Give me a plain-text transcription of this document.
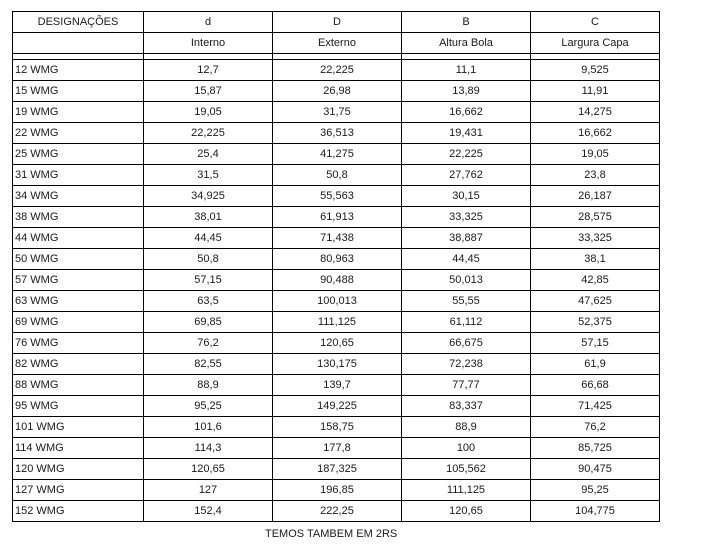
DESIGNAÇÕES	d	D	B	C
	Interno	Externo	Altura Bola	Largura Capa

12 WMG	12,7	22,225	11,1	9,525
15 WMG	15,87	26,98	13,89	11,91
19 WMG	19,05	31,75	16,662	14,275
22 WMG	22,225	36,513	19,431	16,662
25 WMG	25,4	41,275	22,225	19,05
31 WMG	31,5	50,8	27,762	23,8
34 WMG	34,925	55,563	30,15	26,187
38 WMG	38,01	61,913	33,325	28,575
44 WMG	44,45	71,438	38,887	33,325
50 WMG	50,8	80,963	44,45	38,1
57 WMG	57,15	90,488	50,013	42,85
63 WMG	63,5	100,013	55,55	47,625
69 WMG	69,85	111,125	61,112	52,375
76 WMG	76,2	120,65	66,675	57,15
82 WMG	82,55	130,175	72,238	61,9
88 WMG	88,9	139,7	77,77	66,68
95 WMG	95,25	149,225	83,337	71,425
101 WMG	101,6	158,75	88,9	76,2
114 WMG	114,3	177,8	100	85,725
120 WMG	120,65	187,325	105,562	90,475
127 WMG	127	196,85	111,125	95,25
152 WMG	152,4	222,25	120,65	104,775
TEMOS TAMBEM EM 2RS
